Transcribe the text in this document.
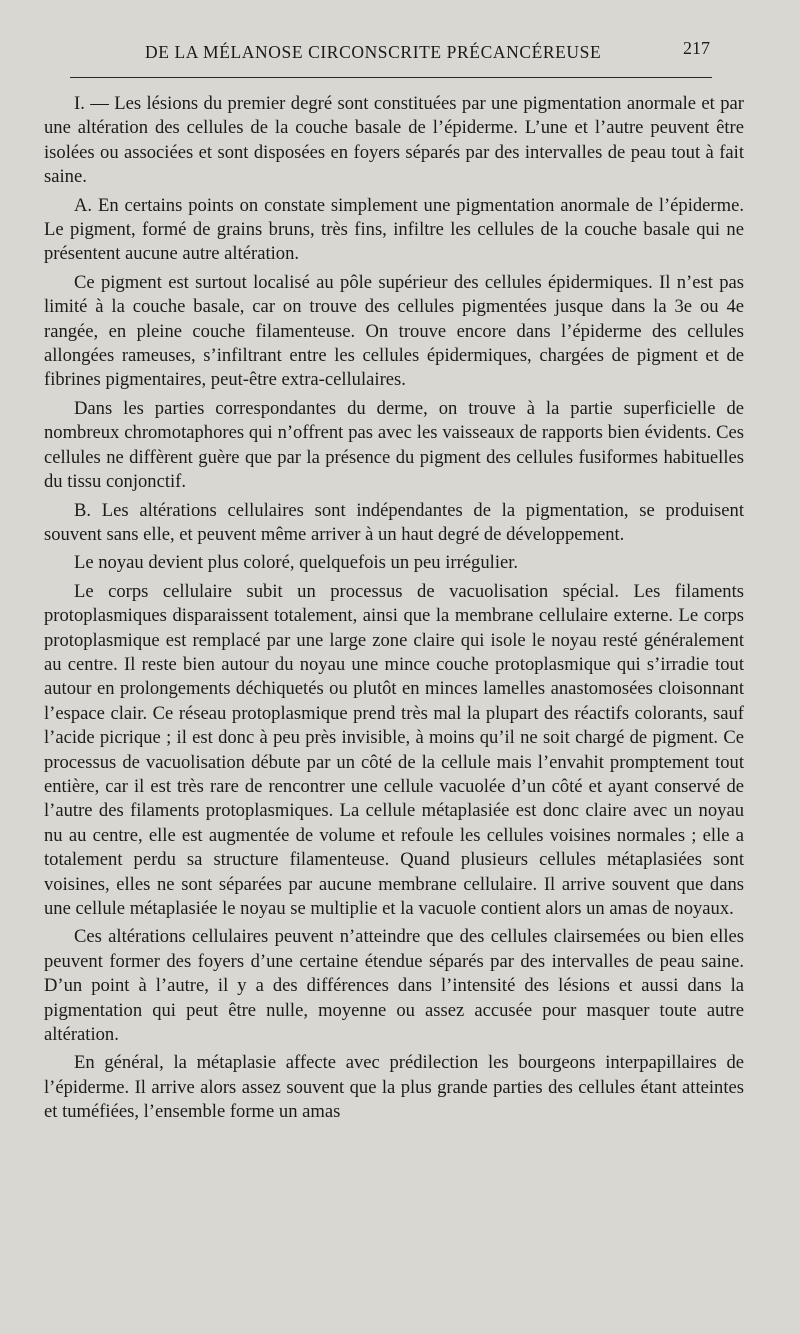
DE LA MÉLANOSE CIRCONSCRITE PRÉCANCÉREUSE	217

I. — Les lésions du premier degré sont constituées par une pigmentation anormale et par une altération des cellules de la couche basale de l’épiderme. L’une et l’autre peuvent être isolées ou associées et sont disposées en foyers séparés par des intervalles de peau tout à fait saine.

A. En certains points on constate simplement une pigmentation anormale de l’épiderme. Le pigment, formé de grains bruns, très fins, infiltre les cellules de la couche basale qui ne présentent aucune autre altération.

Ce pigment est surtout localisé au pôle supérieur des cellules épidermiques. Il n’est pas limité à la couche basale, car on trouve des cellules pigmentées jusque dans la 3e ou 4e rangée, en pleine couche filamenteuse. On trouve encore dans l’épiderme des cellules allongées rameuses, s’infiltrant entre les cellules épidermiques, chargées de pigment et de fibrines pigmentaires, peut-être extra-cellulaires.

Dans les parties correspondantes du derme, on trouve à la partie superficielle de nombreux chromotaphores qui n’offrent pas avec les vaisseaux de rapports bien évidents. Ces cellules ne diffèrent guère que par la présence du pigment des cellules fusiformes habituelles du tissu conjonctif.

B. Les altérations cellulaires sont indépendantes de la pigmentation, se produisent souvent sans elle, et peuvent même arriver à un haut degré de développement.

Le noyau devient plus coloré, quelquefois un peu irrégulier.

Le corps cellulaire subit un processus de vacuolisation spécial. Les filaments protoplasmiques disparaissent totalement, ainsi que la membrane cellulaire externe. Le corps protoplasmique est remplacé par une large zone claire qui isole le noyau resté généralement au centre. Il reste bien autour du noyau une mince couche protoplasmique qui s’irradie tout autour en prolongements déchiquetés ou plutôt en minces lamelles anastomosées cloisonnant l’espace clair. Ce réseau protoplasmique prend très mal la plupart des réactifs colorants, sauf l’acide picrique ; il est donc à peu près invisible, à moins qu’il ne soit chargé de pigment. Ce processus de vacuolisation débute par un côté de la cellule mais l’envahit promptement tout entière, car il est très rare de rencontrer une cellule vacuolée d’un côté et ayant conservé de l’autre des filaments protoplasmiques. La cellule métaplasiée est donc claire avec un noyau nu au centre, elle est augmentée de volume et refoule les cellules voisines normales ; elle a totalement perdu sa structure filamenteuse. Quand plusieurs cellules métaplasiées sont voisines, elles ne sont séparées par aucune membrane cellulaire. Il arrive souvent que dans une cellule métaplasiée le noyau se multiplie et la vacuole contient alors un amas de noyaux.

Ces altérations cellulaires peuvent n’atteindre que des cellules clairsemées ou bien elles peuvent former des foyers d’une certaine étendue séparés par des intervalles de peau saine. D’un point à l’autre, il y a des différences dans l’intensité des lésions et aussi dans la pigmentation qui peut être nulle, moyenne ou assez accusée pour masquer toute autre altération.

En général, la métaplasie affecte avec prédilection les bourgeons interpapillaires de l’épiderme. Il arrive alors assez souvent que la plus grande parties des cellules étant atteintes et tuméfiées, l’ensemble forme un amas
